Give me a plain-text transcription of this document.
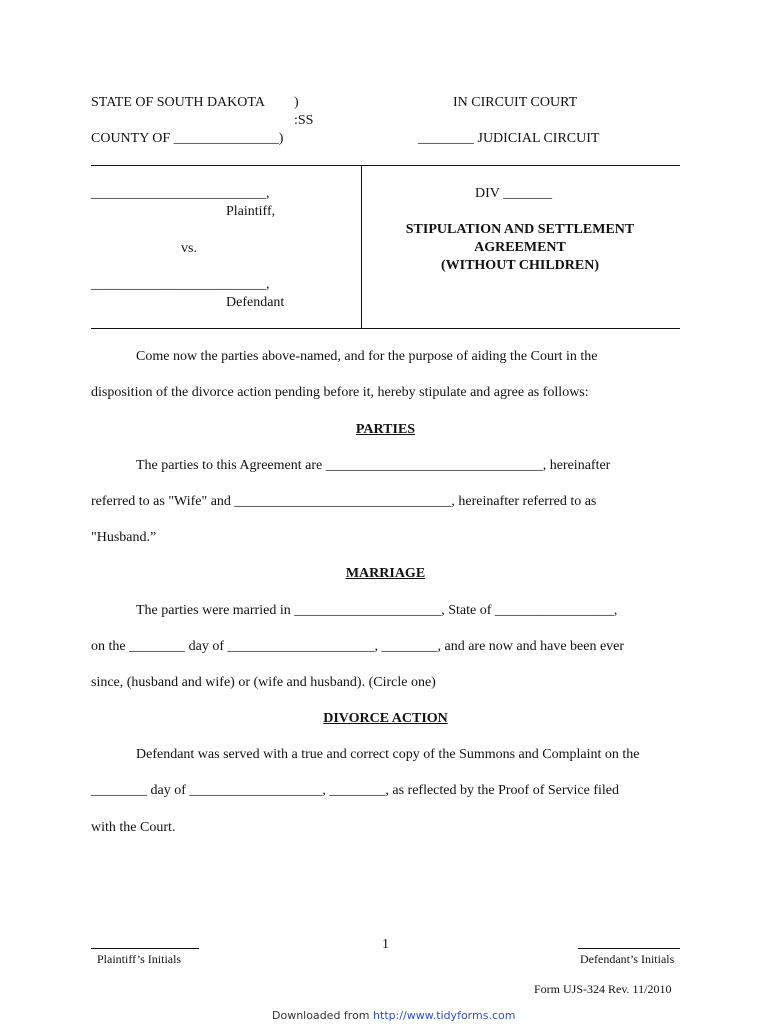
STATE OF SOUTH DAKOTA )
:SS
COUNTY OF _______________)
IN CIRCUIT COURT
________ JUDICIAL CIRCUIT
_________________________,
Plaintiff,
vs.
_________________________,
Defendant
DIV _______
STIPULATION AND SETTLEMENT
AGREEMENT
(WITHOUT CHILDREN)
Come now the parties above-named, and for the purpose of aiding the Court in the
disposition of the divorce action pending before it, hereby stipulate and agree as follows:
PARTIES
The parties to this Agreement are _______________________________, hereinafter
referred to as "Wife" and _______________________________, hereinafter referred to as
"Husband.”
MARRIAGE
The parties were married in _____________________, State of _________________,
on the ________ day of _____________________, ________, and are now and have been ever
since, (husband and wife) or (wife and husband). (Circle one)
DIVORCE ACTION
Defendant was served with a true and correct copy of the Summons and Complaint on the
________ day of ___________________, ________, as reflected by the Proof of Service filed
with the Court.
Plaintiff’s Initials
1
Defendant’s Initials
Form UJS-324 Rev. 11/2010
Downloaded from http://www.tidyforms.com
